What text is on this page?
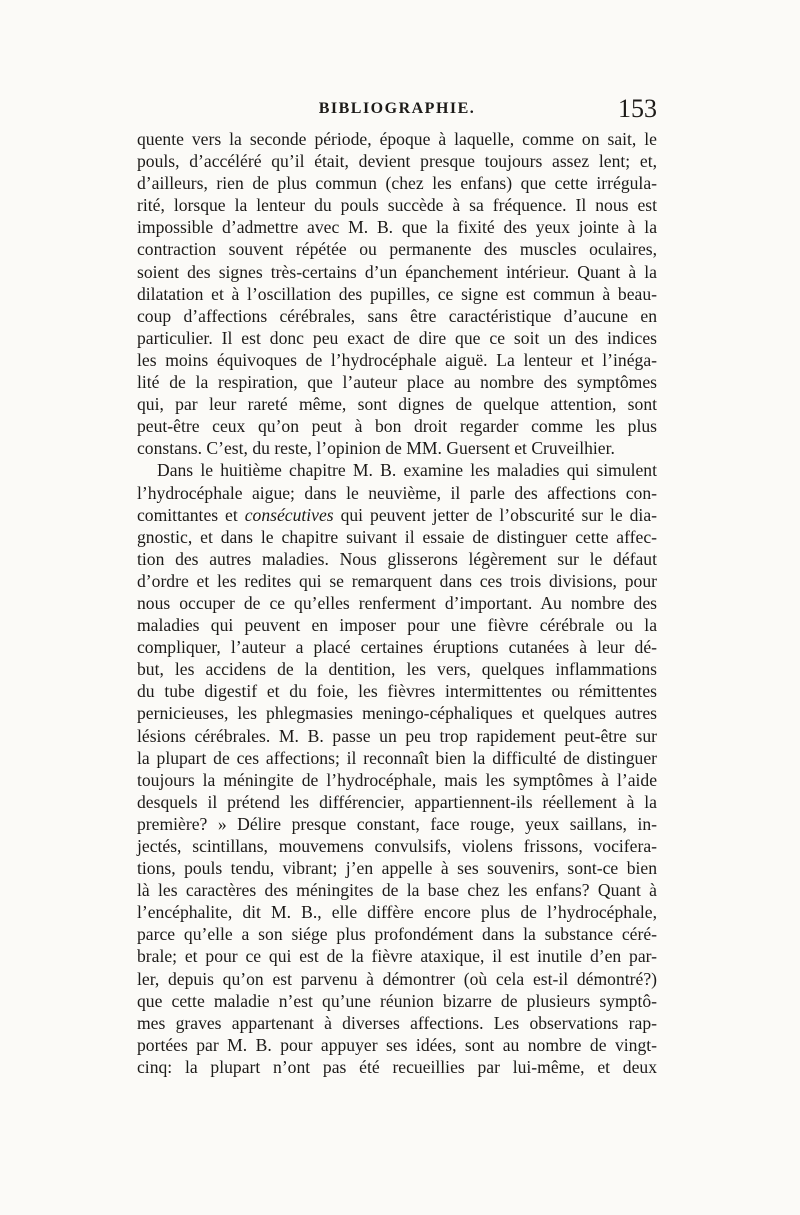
BIBLIOGRAPHIE.	153
quente vers la seconde période, époque à laquelle, comme on sait, le
pouls, d’accéléré qu’il était, devient presque toujours assez lent; et,
d’ailleurs, rien de plus commun (chez les enfans) que cette irrégula-
rité, lorsque la lenteur du pouls succède à sa fréquence. Il nous est
impossible d’admettre avec M. B. que la fixité des yeux jointe à la
contraction souvent répétée ou permanente des muscles oculaires,
soient des signes très-certains d’un épanchement intérieur. Quant à la
dilatation et à l’oscillation des pupilles, ce signe est commun à beau-
coup d’affections cérébrales, sans être caractéristique d’aucune en
particulier. Il est donc peu exact de dire que ce soit un des indices
les moins équivoques de l’hydrocéphale aiguë. La lenteur et l’inéga-
lité de la respiration, que l’auteur place au nombre des symptômes
qui, par leur rareté même, sont dignes de quelque attention, sont
peut-être ceux qu’on peut à bon droit regarder comme les plus
constans. C’est, du reste, l’opinion de MM. Guersent et Cruveilhier.
Dans le huitième chapitre M. B. examine les maladies qui simulent
l’hydrocéphale aigue; dans le neuvième, il parle des affections con-
comittantes et consécutives qui peuvent jetter de l’obscurité sur le dia-
gnostic, et dans le chapitre suivant il essaie de distinguer cette affec-
tion des autres maladies. Nous glisserons légèrement sur le défaut
d’ordre et les redites qui se remarquent dans ces trois divisions, pour
nous occuper de ce qu’elles renferment d’important. Au nombre des
maladies qui peuvent en imposer pour une fièvre cérébrale ou la
compliquer, l’auteur a placé certaines éruptions cutanées à leur dé-
but, les accidens de la dentition, les vers, quelques inflammations
du tube digestif et du foie, les fièvres intermittentes ou rémittentes
pernicieuses, les phlegmasies meningo-céphaliques et quelques autres
lésions cérébrales. M. B. passe un peu trop rapidement peut-être sur
la plupart de ces affections; il reconnaît bien la difficulté de distinguer
toujours la méningite de l’hydrocéphale, mais les symptômes à l’aide
desquels il prétend les différencier, appartiennent-ils réellement à la
première? » Délire presque constant, face rouge, yeux saillans, in-
jectés, scintillans, mouvemens convulsifs, violens frissons, vocifera-
tions, pouls tendu, vibrant; j’en appelle à ses souvenirs, sont-ce bien
là les caractères des méningites de la base chez les enfans? Quant à
l’encéphalite, dit M. B., elle diffère encore plus de l’hydrocéphale,
parce qu’elle a son siége plus profondément dans la substance céré-
brale; et pour ce qui est de la fièvre ataxique, il est inutile d’en par-
ler, depuis qu’on est parvenu à démontrer (où cela est-il démontré?)
que cette maladie n’est qu’une réunion bizarre de plusieurs symptô-
mes graves appartenant à diverses affections. Les observations rap-
portées par M. B. pour appuyer ses idées, sont au nombre de vingt-
cinq: la plupart n’ont pas été recueillies par lui-même, et deux
